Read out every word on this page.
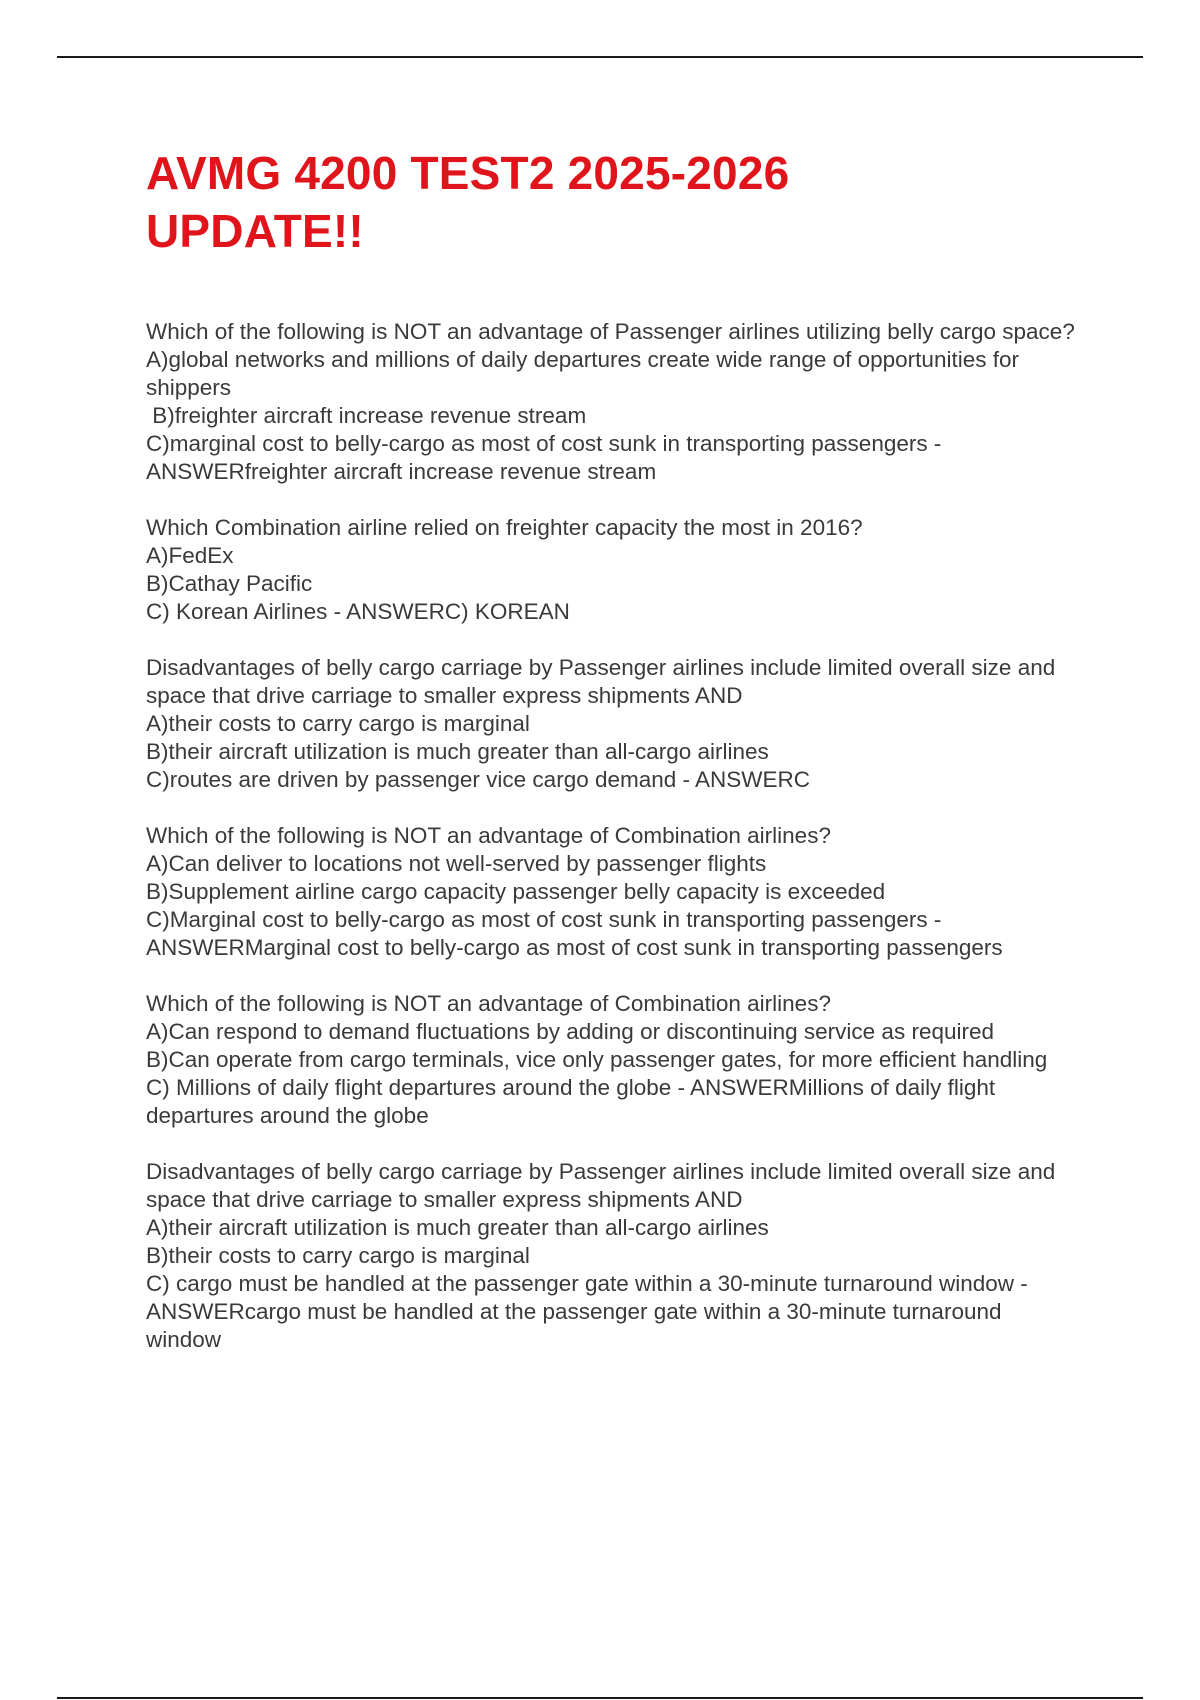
AVMG 4200 TEST2 2025-2026
UPDATE!!

Which of the following is NOT an advantage of Passenger airlines utilizing belly cargo space?

A)global networks and millions of daily departures create wide range of opportunities for shippers

B)freighter aircraft increase revenue stream

C)marginal cost to belly-cargo as most of cost sunk in transporting passengers - ANSWERfreighter aircraft increase revenue stream

Which Combination airline relied on freighter capacity the most in 2016?

A)FedEx

B)Cathay Pacific

C) Korean Airlines - ANSWERC) KOREAN

Disadvantages of belly cargo carriage by Passenger airlines include limited overall size and space that drive carriage to smaller express shipments AND

A)their costs to carry cargo is marginal

B)their aircraft utilization is much greater than all-cargo airlines

C)routes are driven by passenger vice cargo demand - ANSWERC

Which of the following is NOT an advantage of Combination airlines?

A)Can deliver to locations not well-served by passenger flights

B)Supplement airline cargo capacity passenger belly capacity is exceeded

C)Marginal cost to belly-cargo as most of cost sunk in transporting passengers - ANSWERMarginal cost to belly-cargo as most of cost sunk in transporting passengers

Which of the following is NOT an advantage of Combination airlines?

A)Can respond to demand fluctuations by adding or discontinuing service as required

B)Can operate from cargo terminals, vice only passenger gates, for more efficient handling

C) Millions of daily flight departures around the globe - ANSWERMillions of daily flight departures around the globe

Disadvantages of belly cargo carriage by Passenger airlines include limited overall size and space that drive carriage to smaller express shipments AND

A)their aircraft utilization is much greater than all-cargo airlines

B)their costs to carry cargo is marginal

C) cargo must be handled at the passenger gate within a 30-minute turnaround window - ANSWERcargo must be handled at the passenger gate within a 30-minute turnaround window
